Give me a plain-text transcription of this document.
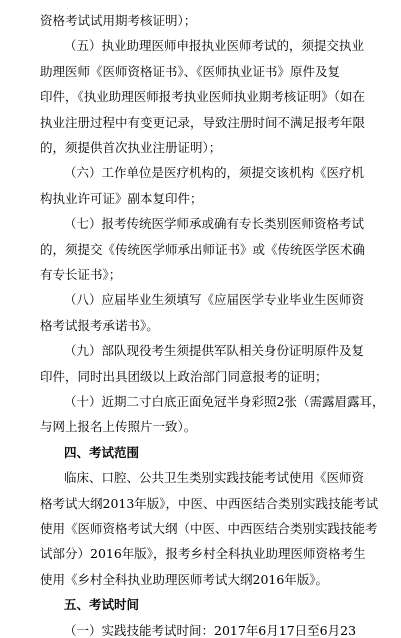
资格考试试用期考核证明）；
（五）执业助理医师申报执业医师考试的，须提交执业
助理医师《医师资格证书》、《医师执业证书》原件及复
印件，《执业助理医师报考执业医师执业期考核证明》（如在
执业注册过程中有变更记录，导致注册时间不满足报考年限
的，须提供首次执业注册证明）；
（六）工作单位是医疗机构的，须提交该机构《医疗机
构执业许可证》副本复印件；
（七）报考传统医学师承或确有专长类别医师资格考试
的，须提交《传统医学师承出师证书》或《传统医学医术确
有专长证书》；
（八）应届毕业生须填写《应届医学专业毕业生医师资
格考试报考承诺书》。
（九）部队现役考生须提供军队相关身份证明原件及复
印件，同时出具团级以上政治部门同意报考的证明；
（十）近期二寸白底正面免冠半身彩照2张（需露眉露耳，
与网上报名上传照片一致）。
四、考试范围
临床、口腔、公共卫生类别实践技能考试使用《医师资
格考试大纲2013年版》，中医、中西医结合类别实践技能考试
使用《医师资格考试大纲（中医、中西医结合类别实践技能考
试部分）2016年版》，报考乡村全科执业助理医师资格考生
使用《乡村全科执业助理医师考试大纲2016年版》。
五、考试时间
（一）实践技能考试时间：2017年6月17日至6月23
